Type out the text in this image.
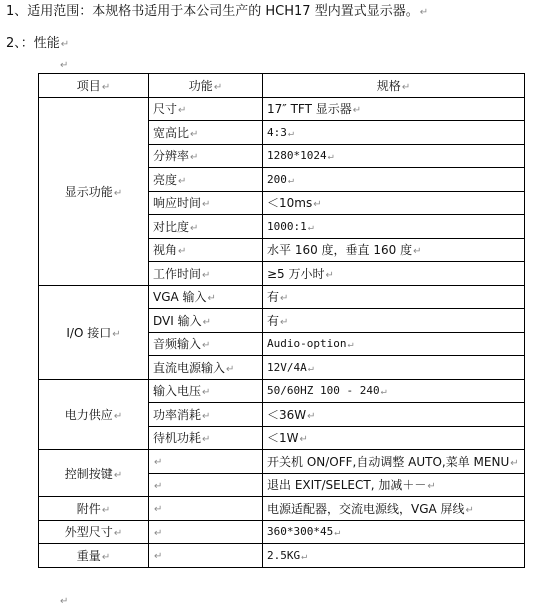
1、适用范围：本规格书适用于本公司生产的 HCH17 型内置式显示器。↵
2、：性能↵
↵
项目↵	功能↵	规格↵
显示功能↵	尺寸↵	17″ TFT 显示器↵
	宽高比↵	4:3↵
	分辨率↵	1280*1024↵
	亮度↵	200↵
	响应时间↵	＜10ms↵
	对比度↵	1000:1↵
	视角↵	水平 160 度，垂直 160 度↵
	工作时间↵	≥5 万小时↵
I/O 接口↵	VGA 输入↵	有↵
	DVI 输入↵	有↵
	音频输入↵	Audio-option↵
	直流电源输入↵	12V/4A↵
电力供应↵	输入电压↵	50/60HZ 100 - 240↵
	功率消耗↵	＜36W↵
	待机功耗↵	＜1W↵
控制按键↵	↵	开关机 ON/OFF,自动调整 AUTO,菜单 MENU↵
	↵	退出 EXIT/SELECT, 加减＋－↵
附件↵	↵	电源适配器，交流电源线，VGA 屏线↵
外型尺寸↵	↵	360*300*45↵
重量↵	↵	2.5KG↵
↵
